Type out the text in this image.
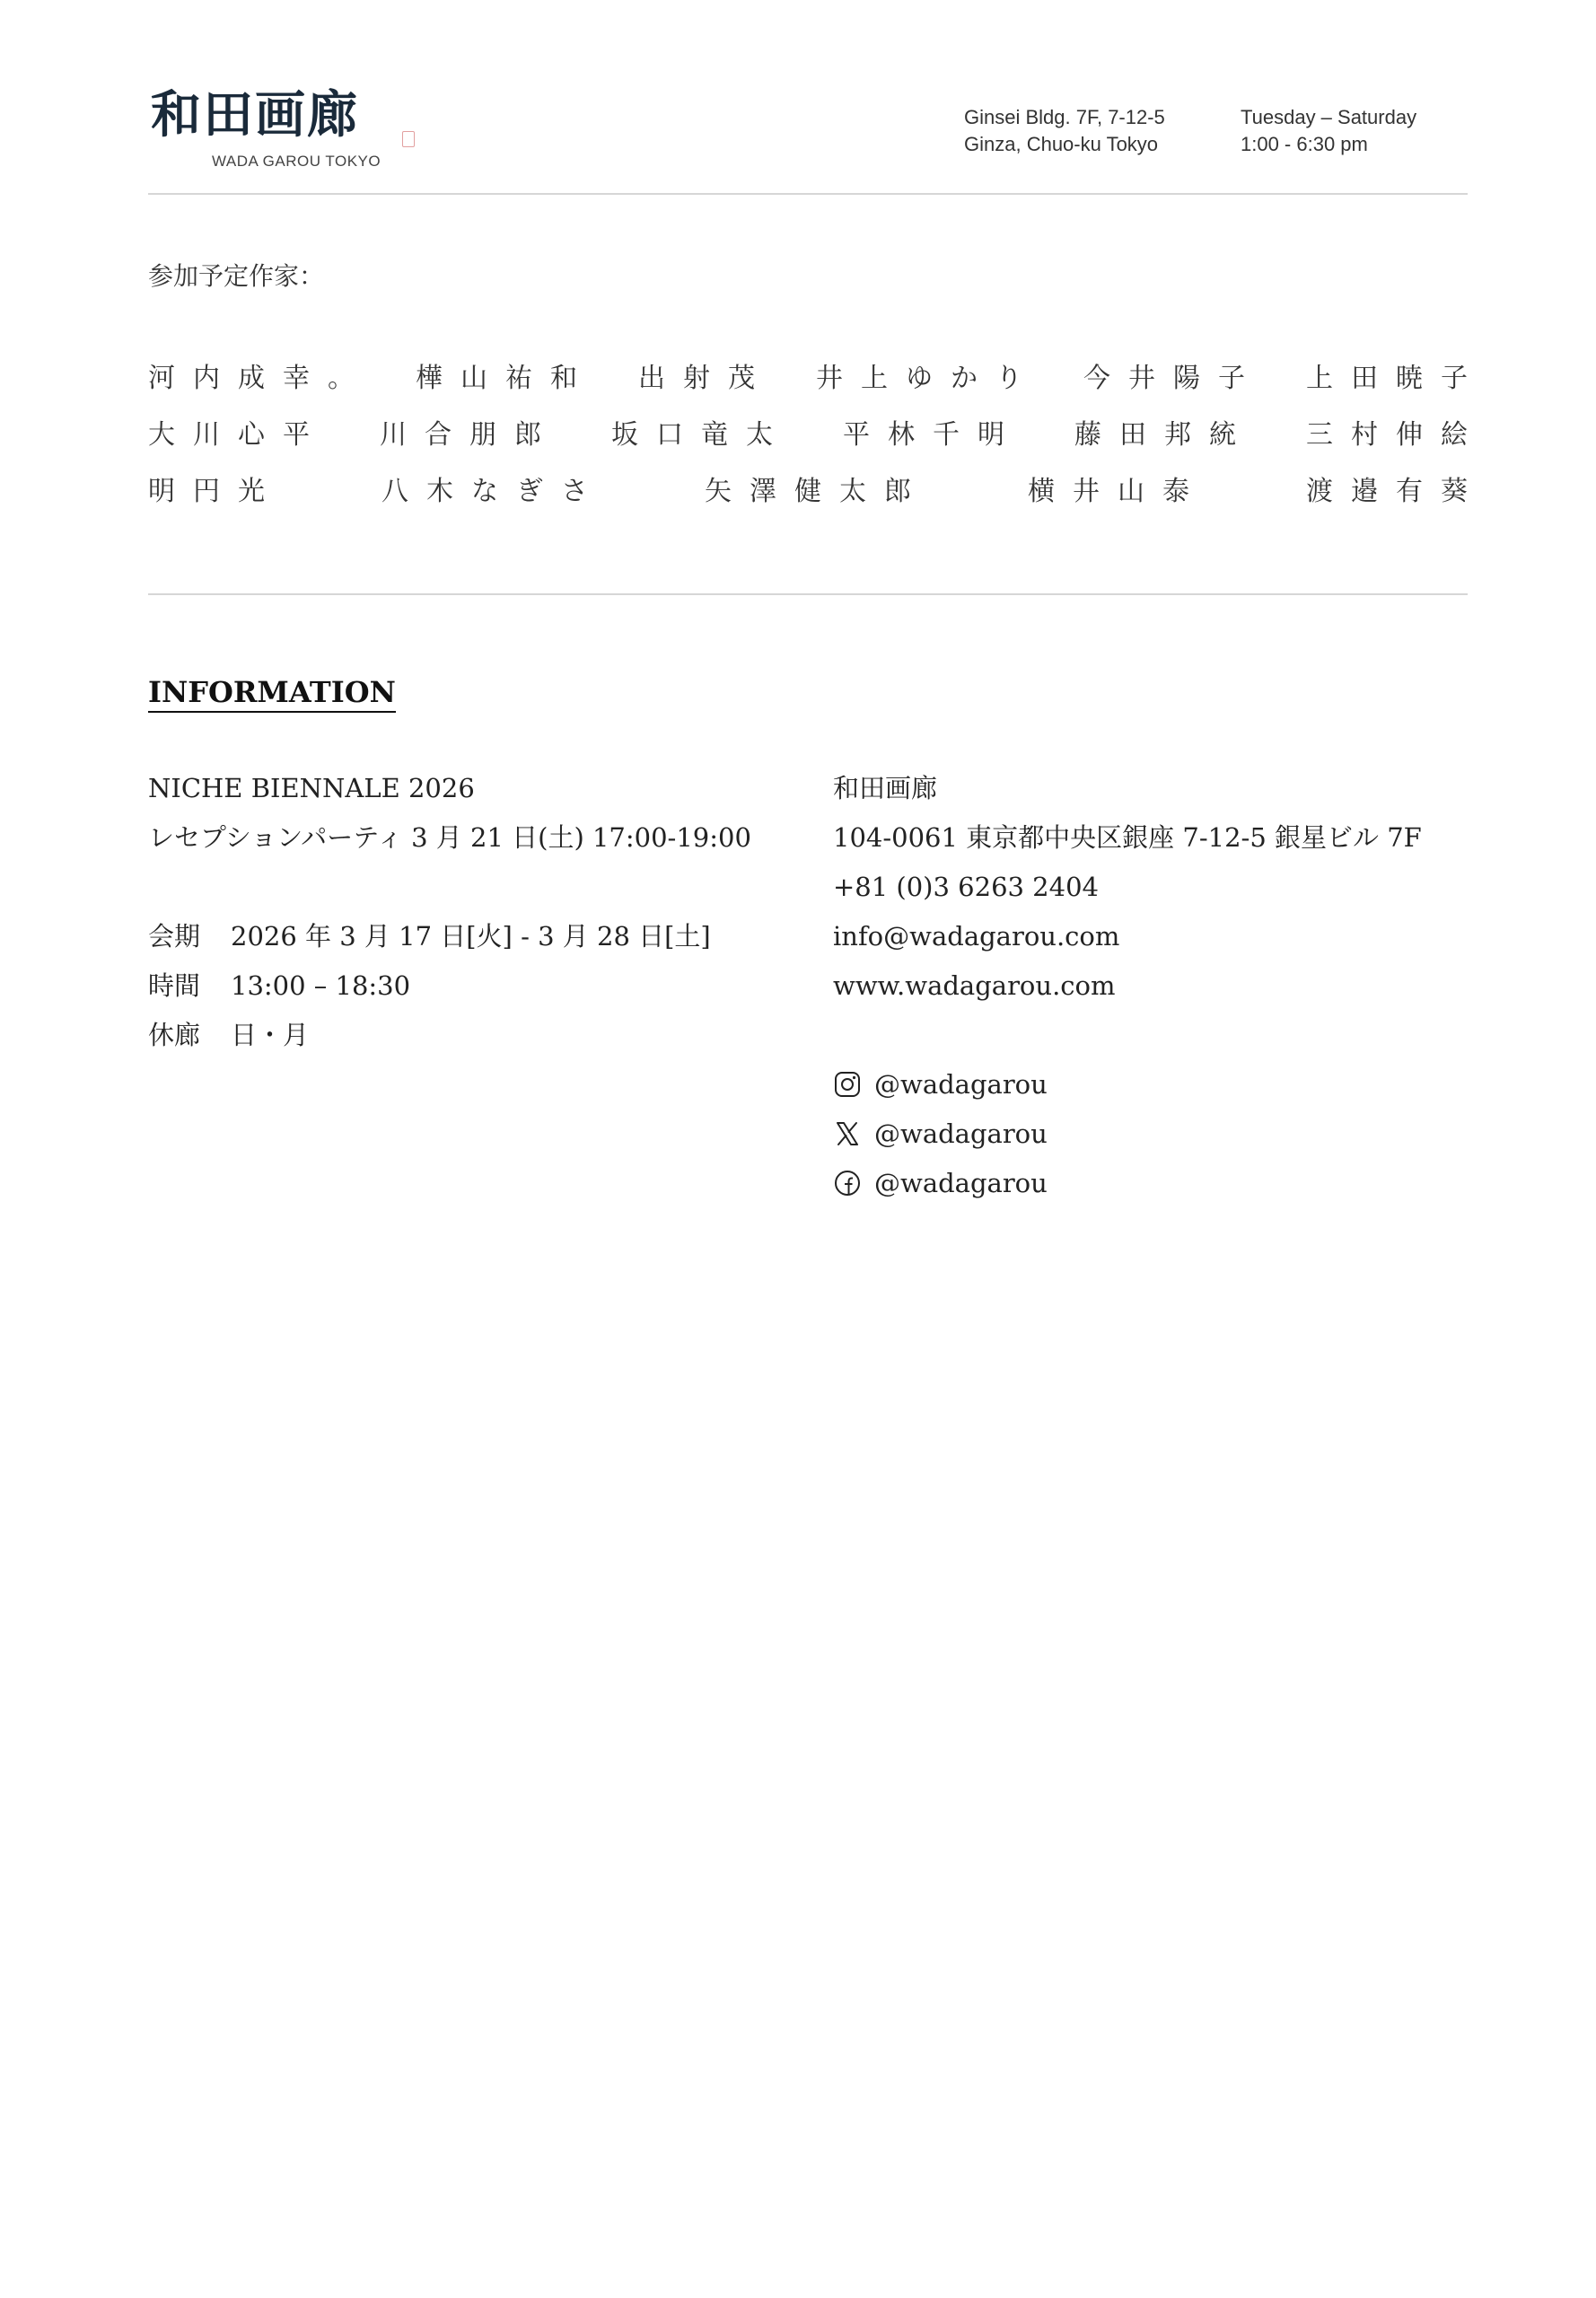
和田画廊
WADA GAROU TOKYO
Ginsei Bldg. 7F, 7-12-5
Ginza, Chuo-ku Tokyo
Tuesday – Saturday
1:00 - 6:30 pm
参加予定作家：
河内成幸。 樺山祐和 出射茂 井上ゆかり 今井陽子 上田暁子
大川心平 川合朋郎 坂口竜太 平林千明 藤田邦統 三村伸絵
明円光	八木なぎさ	矢澤健太郎	横井山泰	渡邉有葵
INFORMATION
NICHE BIENNALE 2026
レセプションパーティ 3 月 21 日(土) 17:00-19:00
会期 2026 年 3 月 17 日[火] - 3 月 28 日[土]
時間 13:00 – 18:30
休廊 日・月
和田画廊
104-0061 東京都中央区銀座 7-12-5 銀星ビル 7F
+81 (0)3 6263 2404
info@wadagarou.com
www.wadagarou.com
@wadagarou
@wadagarou
@wadagarou
